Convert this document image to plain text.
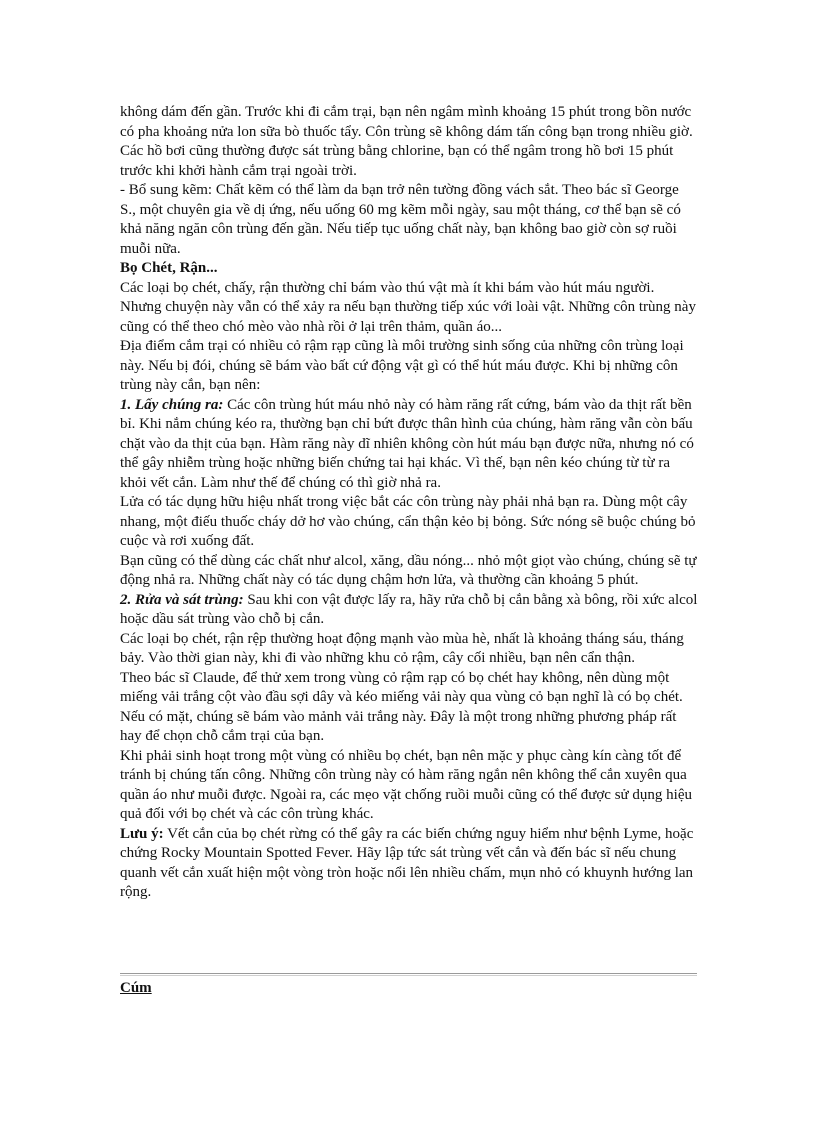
không dám đến gần. Trước khi đi cắm trại, bạn nên ngâm mình khoảng 15 phút trong bồn nước có pha khoảng nửa lon sữa bò thuốc tẩy. Côn trùng sẽ không dám tấn công bạn trong nhiều giờ. Các hồ bơi cũng thường được sát trùng bằng chlorine, bạn có thể ngâm trong hồ bơi 15 phút trước khi khởi hành cắm trại ngoài trời.

- Bổ sung kẽm: Chất kẽm có thể làm da bạn trở nên tường đồng vách sắt. Theo bác sĩ George S., một chuyên gia về dị ứng, nếu uống 60 mg kẽm mỗi ngày, sau một tháng, cơ thể bạn sẽ có khả năng ngăn côn trùng đến gần. Nếu tiếp tục uống chất này, bạn không bao giờ còn sợ ruồi muỗi nữa.

Bọ Chét, Rận...

Các loại bọ chét, chấy, rận thường chỉ bám vào thú vật mà ít khi bám vào hút máu người. Nhưng chuyện này vẫn có thể xảy ra nếu bạn thường tiếp xúc với loài vật. Những côn trùng này cũng có thể theo chó mèo vào nhà rồi ở lại trên thảm, quần áo...

Địa điểm cắm trại có nhiều cỏ rậm rạp cũng là môi trường sinh sống của những côn trùng loại này. Nếu bị đói, chúng sẽ bám vào bất cứ động vật gì có thể hút máu được. Khi bị những côn trùng này cắn, bạn nên:

1. Lấy chúng ra: Các côn trùng hút máu nhỏ này có hàm răng rất cứng, bám vào da thịt rất bền bỉ. Khi nắm chúng kéo ra, thường bạn chỉ bứt được thân hình của chúng, hàm răng vẫn còn bấu chặt vào da thịt của bạn. Hàm răng này dĩ nhiên không còn hút máu bạn được nữa, nhưng nó có thể gây nhiễm trùng hoặc những biến chứng tai hại khác. Vì thế, bạn nên kéo chúng từ từ ra khỏi vết cắn. Làm như thế để chúng có thì giờ nhả ra.

Lửa có tác dụng hữu hiệu nhất trong việc bắt các côn trùng này phải nhả bạn ra. Dùng một cây nhang, một điếu thuốc cháy dở hơ vào chúng, cẩn thận kẻo bị bỏng. Sức nóng sẽ buộc chúng bỏ cuộc và rơi xuống đất.

Bạn cũng có thể dùng các chất như alcol, xăng, dầu nóng... nhỏ một giọt vào chúng, chúng sẽ tự động nhả ra. Những chất này có tác dụng chậm hơn lửa, và thường cần khoảng 5 phút.

2. Rửa và sát trùng: Sau khi con vật được lấy ra, hãy rửa chỗ bị cắn bằng xà bông, rồi xức alcol hoặc dầu sát trùng vào chỗ bị cắn.

Các loại bọ chét, rận rệp thường hoạt động mạnh vào mùa hè, nhất là khoảng tháng sáu, tháng bảy. Vào thời gian này, khi đi vào những khu cỏ rậm, cây cối nhiều, bạn nên cẩn thận.

Theo bác sĩ Claude, để thử xem trong vùng cỏ rậm rạp có bọ chét hay không, nên dùng một miếng vải trắng cột vào đầu sợi dây và kéo miếng vải này qua vùng cỏ bạn nghĩ là có bọ chét. Nếu có mặt, chúng sẽ bám vào mảnh vải trắng này. Đây là một trong những phương pháp rất hay để chọn chỗ cắm trại của bạn.

Khi phải sinh hoạt trong một vùng có nhiều bọ chét, bạn nên mặc y phục càng kín càng tốt để tránh bị chúng tấn công. Những côn trùng này có hàm răng ngắn nên không thể cắn xuyên qua quần áo như muỗi được. Ngoài ra, các mẹo vặt chống ruồi muỗi cũng có thể được sử dụng hiệu quả đối với bọ chét và các côn trùng khác.

Lưu ý: Vết cắn của bọ chét rừng có thể gây ra các biến chứng nguy hiểm như bệnh Lyme, hoặc chứng Rocky Mountain Spotted Fever. Hãy lập tức sát trùng vết cắn và đến bác sĩ nếu chung quanh vết cắn xuất hiện một vòng tròn hoặc nổi lên nhiều chấm, mụn nhỏ có khuynh hướng lan rộng.

Cúm
